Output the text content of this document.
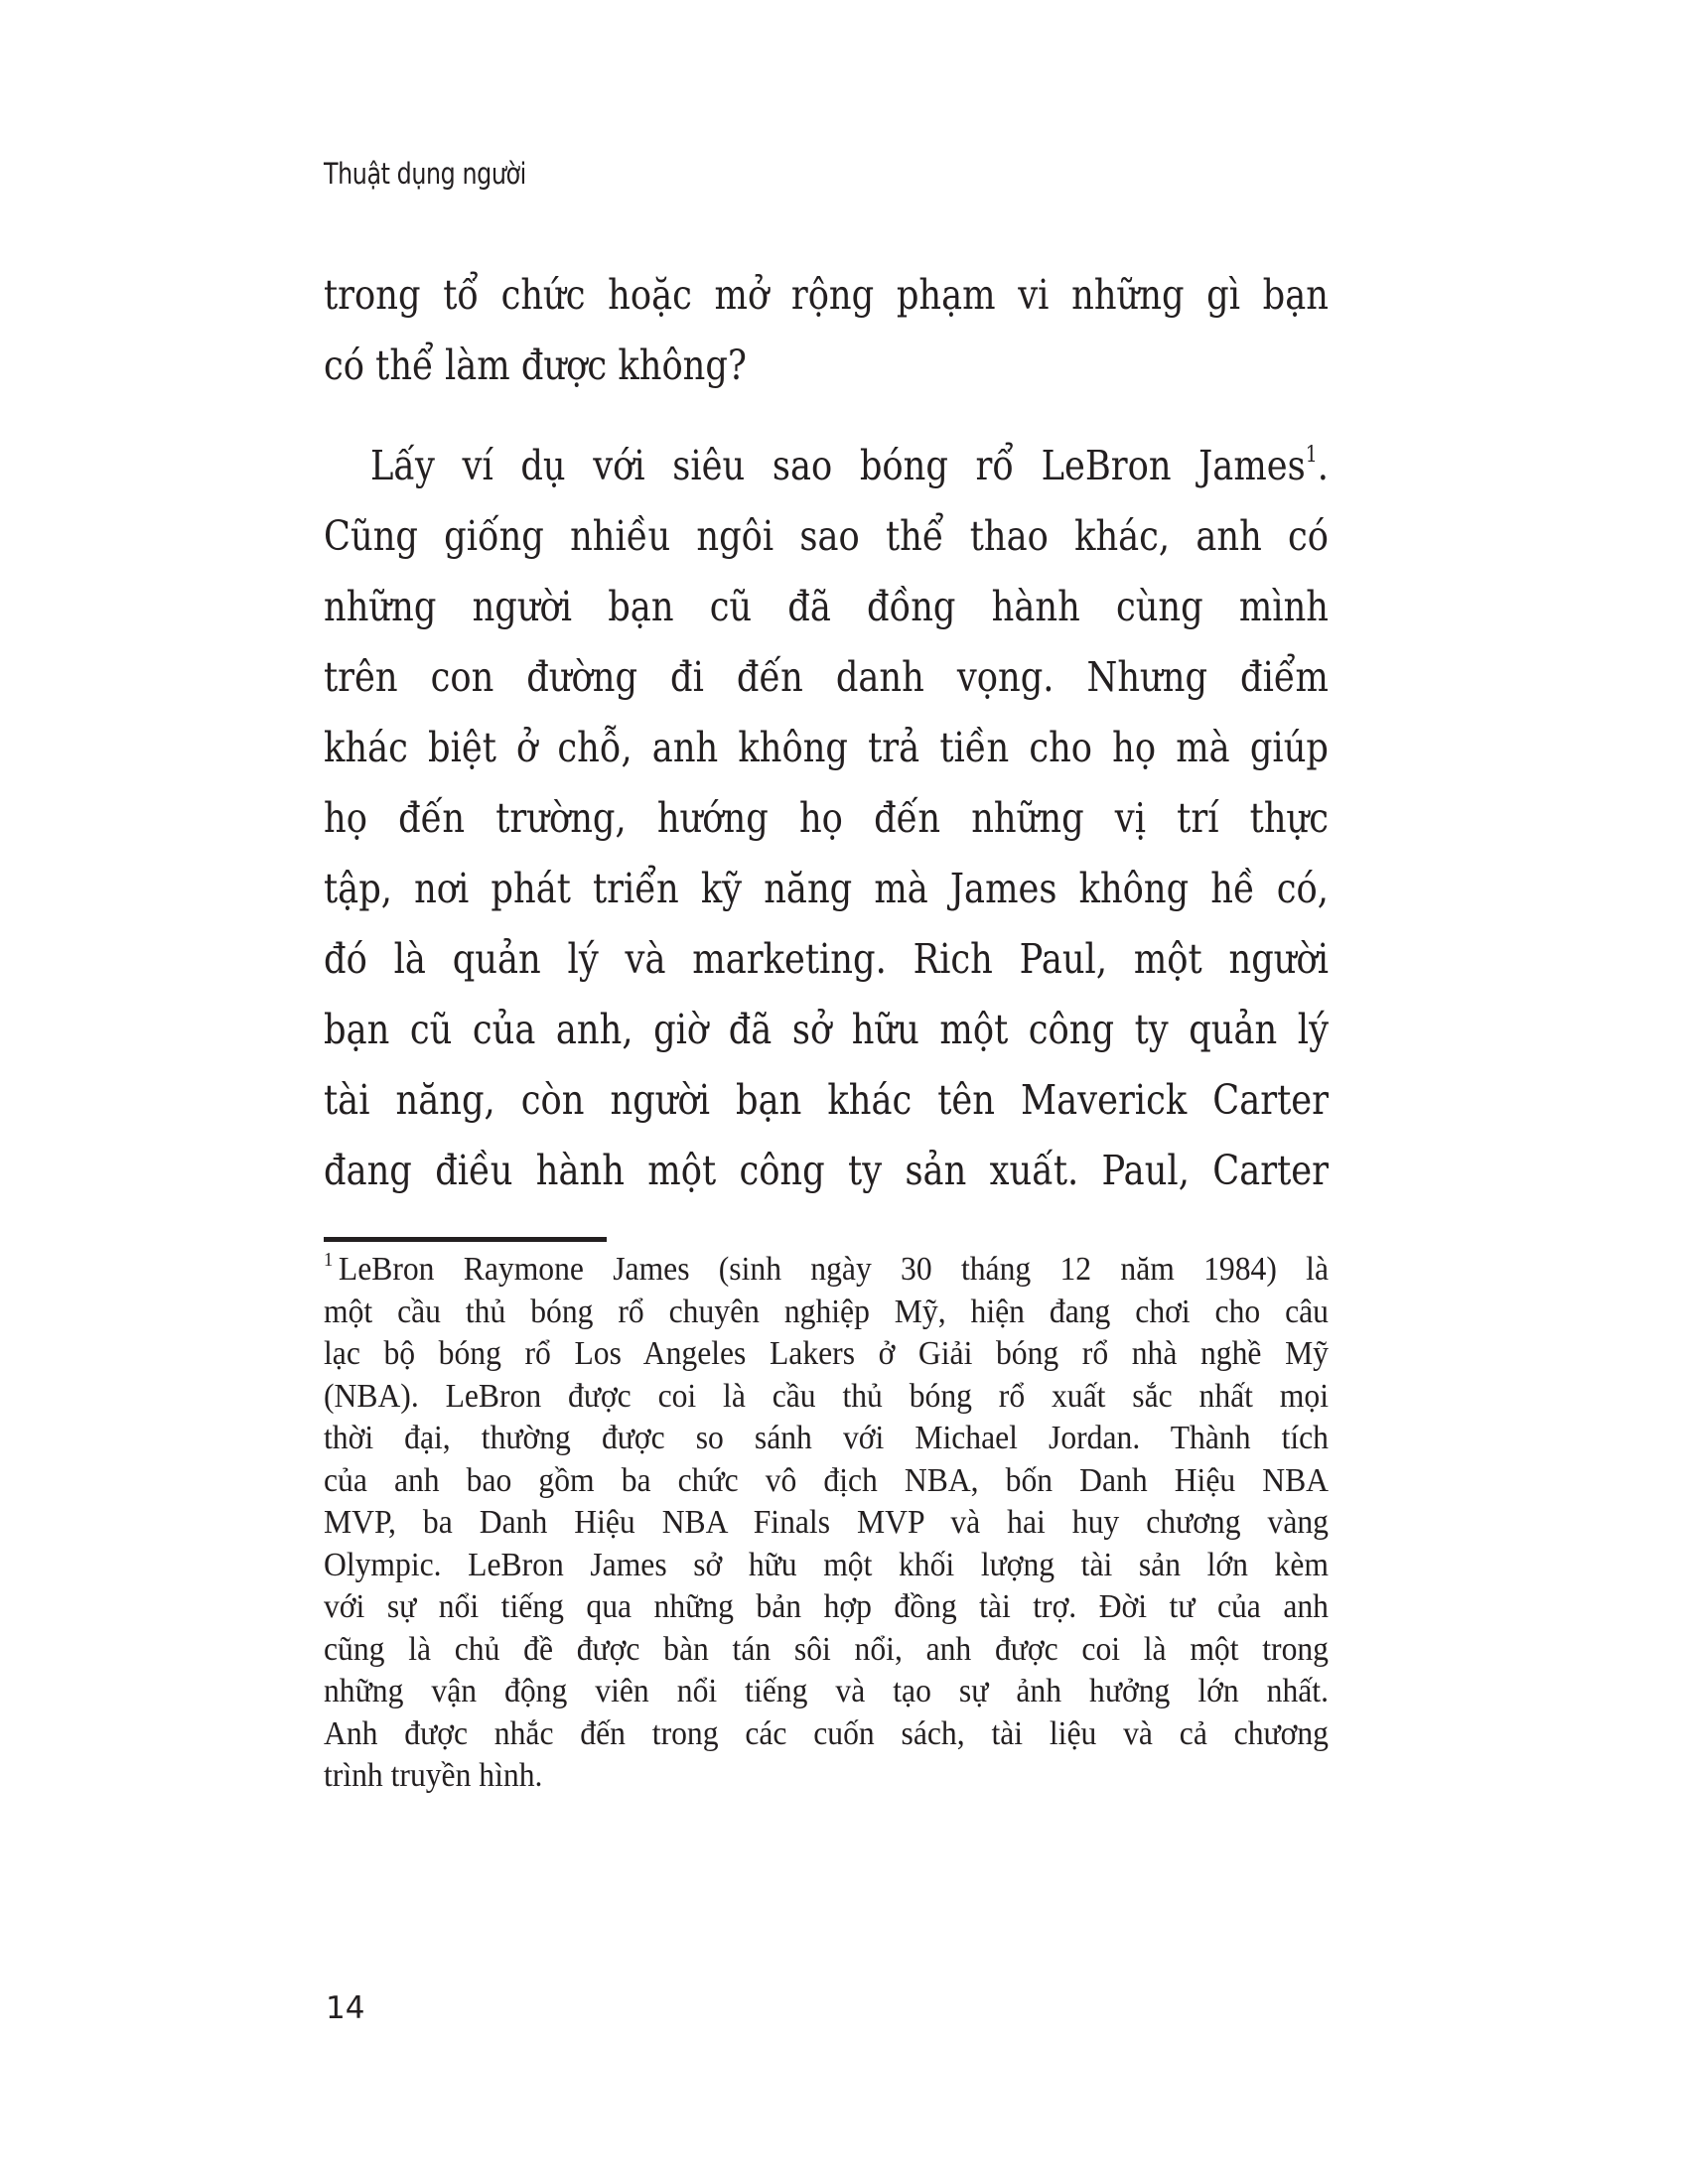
Thuật dụng người
trong tổ chức hoặc mở rộng phạm vi những gì bạn
có thể làm được không?
Lấy ví dụ với siêu sao bóng rổ LeBron James$^1$.
Cũng giống nhiều ngôi sao thể thao khác, anh có
những người bạn cũ đã đồng hành cùng mình
trên con đường đi đến danh vọng. Nhưng điểm
khác biệt ở chỗ, anh không trả tiền cho họ mà giúp
họ đến trường, hướng họ đến những vị trí thực
tập, nơi phát triển kỹ năng mà James không hề có,
đó là quản lý và marketing. Rich Paul, một người
bạn cũ của anh, giờ đã sở hữu một công ty quản lý
tài năng, còn người bạn khác tên Maverick Carter
đang điều hành một công ty sản xuất. Paul, Carter
$^1$ LeBron Raymone James (sinh ngày 30 tháng 12 năm 1984) là
một cầu thủ bóng rổ chuyên nghiệp Mỹ, hiện đang chơi cho câu
lạc bộ bóng rổ Los Angeles Lakers ở Giải bóng rổ nhà nghề Mỹ
(NBA). LeBron được coi là cầu thủ bóng rổ xuất sắc nhất mọi
thời đại, thường được so sánh với Michael Jordan. Thành tích
của anh bao gồm ba chức vô địch NBA, bốn Danh Hiệu NBA
MVP, ba Danh Hiệu NBA Finals MVP và hai huy chương vàng
Olympic. LeBron James sở hữu một khối lượng tài sản lớn kèm
với sự nổi tiếng qua những bản hợp đồng tài trợ. Đời tư của anh
cũng là chủ đề được bàn tán sôi nổi, anh được coi là một trong
những vận động viên nổi tiếng và tạo sự ảnh hưởng lớn nhất.
Anh được nhắc đến trong các cuốn sách, tài liệu và cả chương
trình truyền hình.
14
